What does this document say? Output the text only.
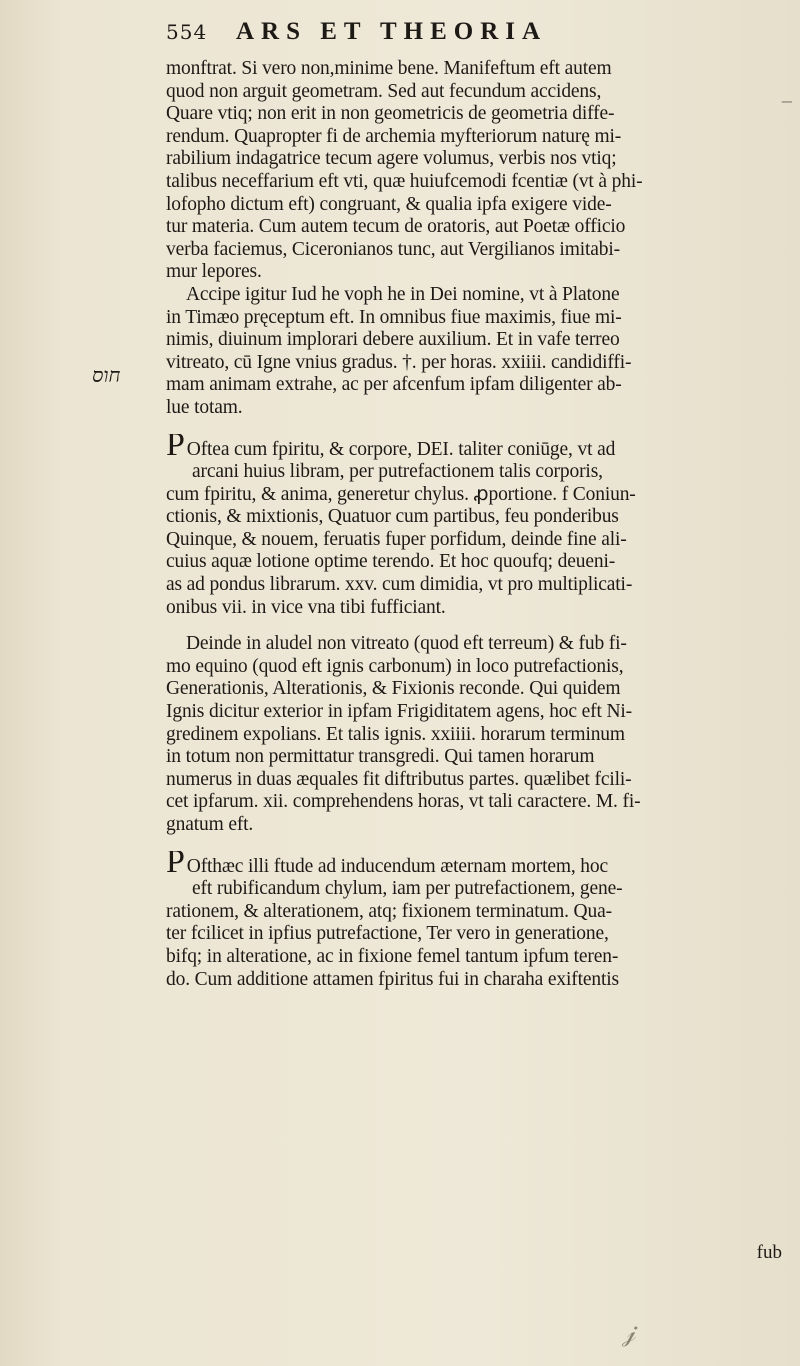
554	ARS ET THEORIA
חוס
monftrat. Si vero non,minime bene. Manifeftum eft autem
quod non arguit geometram. Sed aut fecundum accidens,
Quare vtiq; non erit in non geometricis de geometria diffe-
rendum. Quapropter fi de archemia myfteriorum naturę mi-
rabilium indagatrice tecum agere volumus, verbis nos vtiq;
talibus neceffarium eft vti, quæ huiufcemodi fcentiæ (vt à phi-
lofopho dictum eft) congruant, & qualia ipfa exigere vide-
tur materia. Cum autem tecum de oratoris, aut Poetæ officio
verba faciemus, Ciceronianos tunc, aut Vergilianos imitabi-
mur lepores.
Accipe igitur Iud he voph he in Dei nomine, vt à Platone
in Timæo pręceptum eft. In omnibus fiue maximis, fiue mi-
nimis, diuinum implorari debere auxilium. Et in vafe terreo
vitreato, cū Igne vnius gradus. †. per horas. xxiiii. candidiffi-
mam animam extrahe, ac per afcenfum ipfam diligenter ab-
lue totam.
P Oftea cum fpiritu, & corpore, DEI. taliter coniūge, vt ad
arcani huius libram, per putrefactionem talis corporis,
cum fpiritu, & anima, generetur chylus. ꝓportione. f Coniun-
ctionis, & mixtionis, Quatuor cum partibus, feu ponderibus
Quinque, & nouem, feruatis fuper porfidum, deinde fine ali-
cuius aquæ lotione optime terendo. Et hoc quoufq; deueni-
as ad pondus librarum. xxv. cum dimidia, vt pro multiplicati-
onibus vii. in vice vna tibi fufficiant.
Deinde in aludel non vitreato (quod eft terreum) & fub fi-
mo equino (quod eft ignis carbonum) in loco putrefactionis,
Generationis, Alterationis, & Fixionis reconde. Qui quidem
Ignis dicitur exterior in ipfam Frigiditatem agens, hoc eft Ni-
gredinem expolians. Et talis ignis. xxiiii. horarum terminum
in totum non permittatur transgredi. Qui tamen horarum
numerus in duas æquales fit diftributus partes. quælibet fcili-
cet ipfarum. xii. comprehendens horas, vt tali caractere. M. fi-
gnatum eft.
P Ofthæc illi ftude ad inducendum æternam mortem, hoc
eft rubificandum chylum, iam per putrefactionem, gene-
rationem, & alterationem, atq; fixionem terminatum. Qua-
ter fcilicet in ipfius putrefactione, Ter vero in generatione,
bifq; in alteratione, ac in fixione femel tantum ipfum teren-
do. Cum additione attamen fpiritus fui in charaha exiftentis
fub
⁻
𝒿
